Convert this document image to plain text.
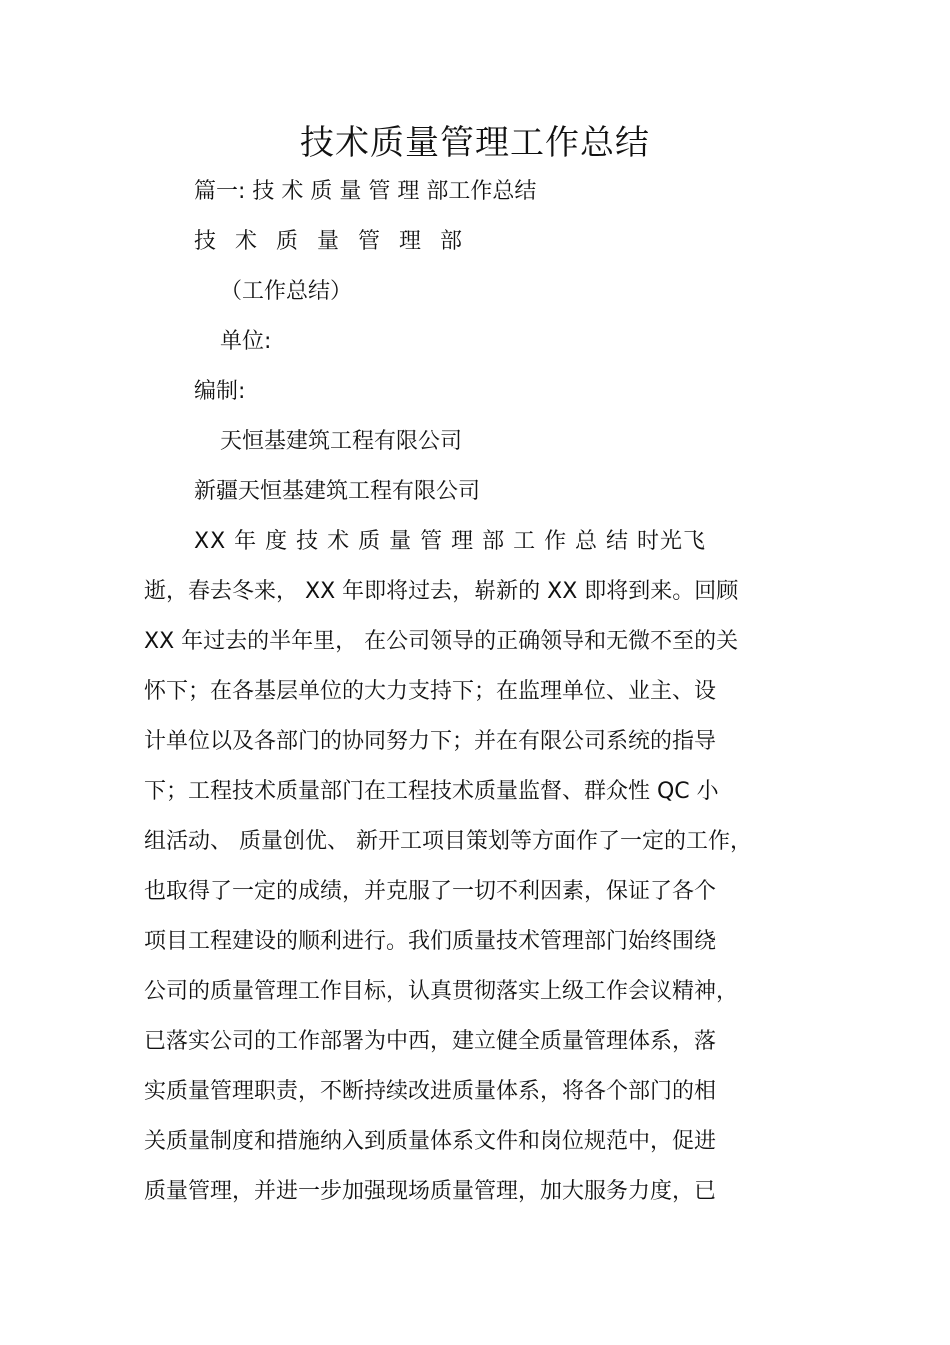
技术质量管理工作总结
篇一: 技 术 质 量 管 理 部工作总结
技 术 质 量 管 理 部
（工作总结）
单位:
编制:
天恒基建筑工程有限公司
新疆天恒基建筑工程有限公司
XX 年 度 技 术 质 量 管 理 部 工 作 总 结 时光飞
逝，春去冬来， XX 年即将过去，崭新的 XX 即将到来。回顾
XX 年过去的半年里， 在公司领导的正确领导和无微不至的关
怀下；在各基层单位的大力支持下；在监理单位、业主、设
计单位以及各部门的协同努力下；并在有限公司系统的指导
下；工程技术质量部门在工程技术质量监督、群众性 QC 小
组活动、 质量创优、 新开工项目策划等方面作了一定的工作，
也取得了一定的成绩，并克服了一切不利因素，保证了各个
项目工程建设的顺利进行。我们质量技术管理部门始终围绕
公司的质量管理工作目标，认真贯彻落实上级工作会议精神，
已落实公司的工作部署为中西，建立健全质量管理体系，落
实质量管理职责，不断持续改进质量体系，将各个部门的相
关质量制度和措施纳入到质量体系文件和岗位规范中，促进
质量管理，并进一步加强现场质量管理，加大服务力度，已
